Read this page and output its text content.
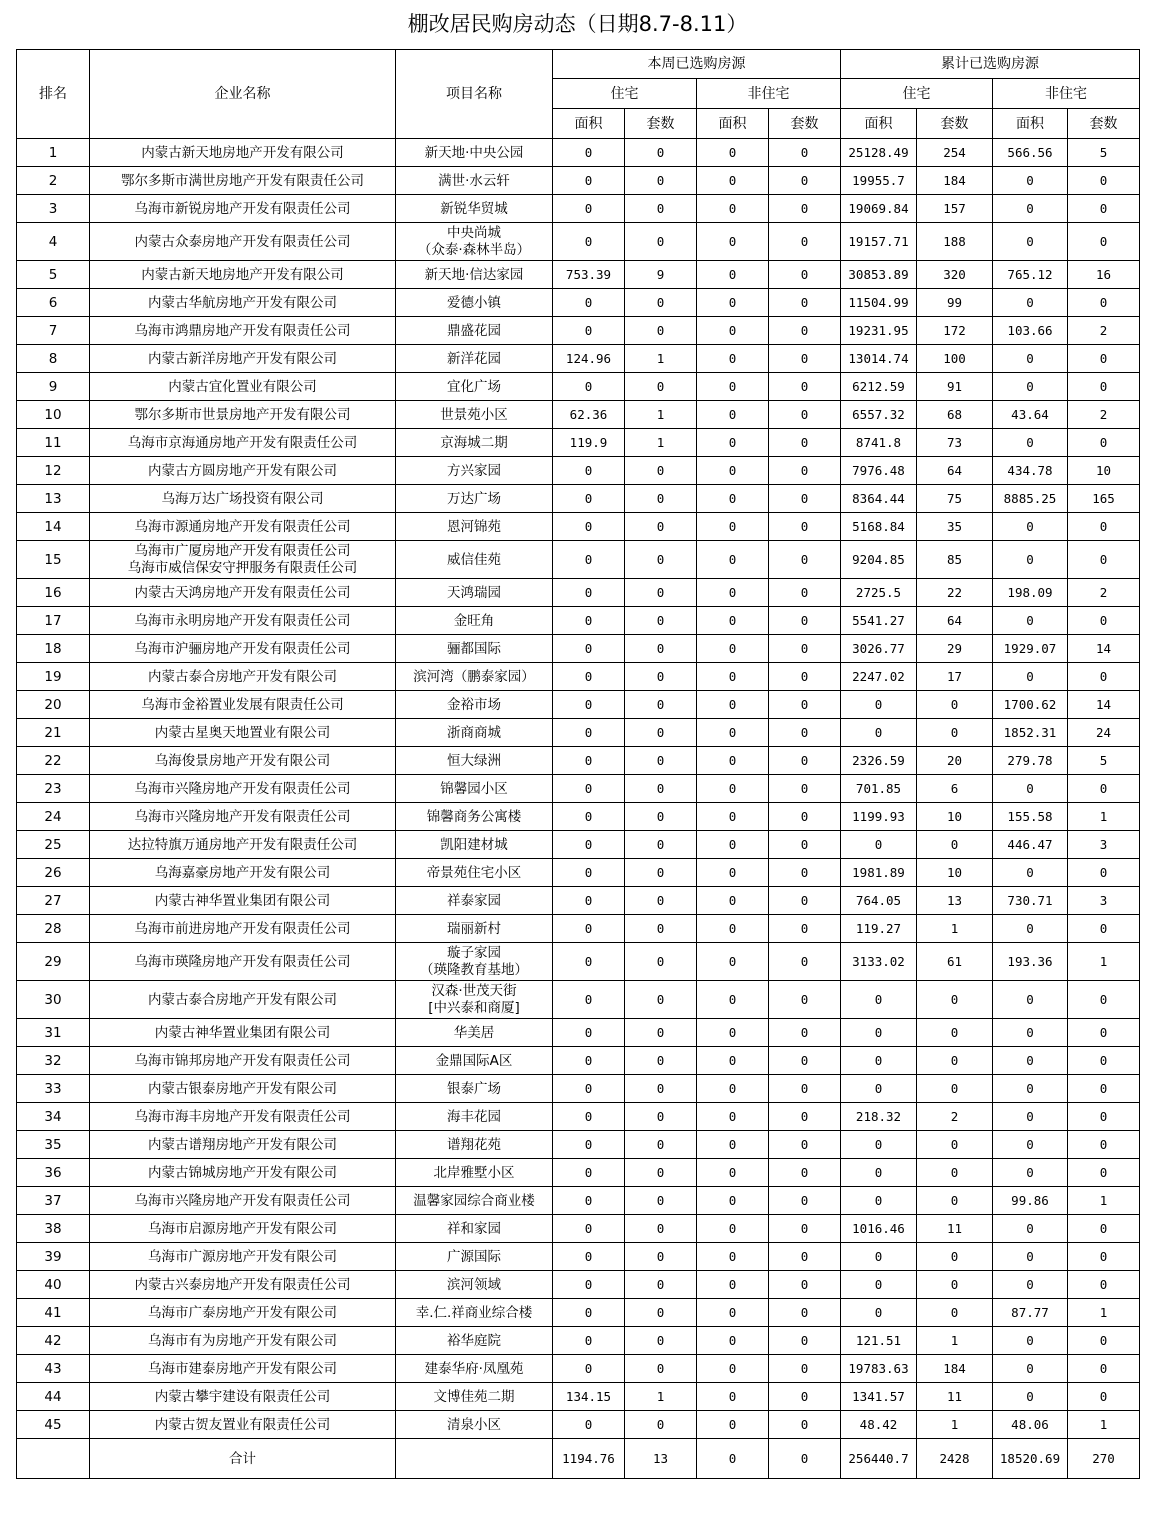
棚改居民购房动态（日期8.7-8.11）
排名	企业名称	项目名称	本周已选购房源				累计已选购房源			
			住宅		非住宅		住宅		非住宅	
			面积	套数	面积	套数	面积	套数	面积	套数
1	内蒙古新天地房地产开发有限公司	新天地·中央公园	0	0	0	0	25128.49	254	566.56	5
2	鄂尔多斯市满世房地产开发有限责任公司	满世·水云轩	0	0	0	0	19955.7	184	0	0
3	乌海市新锐房地产开发有限责任公司	新锐华贸城	0	0	0	0	19069.84	157	0	0
4	内蒙古众泰房地产开发有限责任公司	中央尚城
（众泰·森林半岛）	0	0	0	0	19157.71	188	0	0
5	内蒙古新天地房地产开发有限公司	新天地·信达家园	753.39	9	0	0	30853.89	320	765.12	16
6	内蒙古华航房地产开发有限公司	爱德小镇	0	0	0	0	11504.99	99	0	0
7	乌海市鸿鼎房地产开发有限责任公司	鼎盛花园	0	0	0	0	19231.95	172	103.66	2
8	内蒙古新洋房地产开发有限公司	新洋花园	124.96	1	0	0	13014.74	100	0	0
9	内蒙古宜化置业有限公司	宜化广场	0	0	0	0	6212.59	91	0	0
10	鄂尔多斯市世景房地产开发有限公司	世景苑小区	62.36	1	0	0	6557.32	68	43.64	2
11	乌海市京海通房地产开发有限责任公司	京海城二期	119.9	1	0	0	8741.8	73	0	0
12	内蒙古方圆房地产开发有限公司	方兴家园	0	0	0	0	7976.48	64	434.78	10
13	乌海万达广场投资有限公司	万达广场	0	0	0	0	8364.44	75	8885.25	165
14	乌海市源通房地产开发有限责任公司	恩河锦苑	0	0	0	0	5168.84	35	0	0
15	乌海市广厦房地产开发有限责任公司
乌海市威信保安守押服务有限责任公司	威信佳苑	0	0	0	0	9204.85	85	0	0
16	内蒙古天鸿房地产开发有限责任公司	天鸿瑞园	0	0	0	0	2725.5	22	198.09	2
17	乌海市永明房地产开发有限责任公司	金旺角	0	0	0	0	5541.27	64	0	0
18	乌海市沪骊房地产开发有限责任公司	骊都国际	0	0	0	0	3026.77	29	1929.07	14
19	内蒙古泰合房地产开发有限公司	滨河湾（鹏泰家园）	0	0	0	0	2247.02	17	0	0
20	乌海市金裕置业发展有限责任公司	金裕市场	0	0	0	0	0	0	1700.62	14
21	内蒙古星奥天地置业有限公司	浙商商城	0	0	0	0	0	0	1852.31	24
22	乌海俊景房地产开发有限公司	恒大绿洲	0	0	0	0	2326.59	20	279.78	5
23	乌海市兴隆房地产开发有限责任公司	锦馨园小区	0	0	0	0	701.85	6	0	0
24	乌海市兴隆房地产开发有限责任公司	锦馨商务公寓楼	0	0	0	0	1199.93	10	155.58	1
25	达拉特旗万通房地产开发有限责任公司	凯阳建材城	0	0	0	0	0	0	446.47	3
26	乌海嘉豪房地产开发有限公司	帝景苑住宅小区	0	0	0	0	1981.89	10	0	0
27	内蒙古神华置业集团有限公司	祥泰家园	0	0	0	0	764.05	13	730.71	3
28	乌海市前进房地产开发有限责任公司	瑞丽新村	0	0	0	0	119.27	1	0	0
29	乌海市瑛隆房地产开发有限责任公司	璇子家园
（瑛隆教育基地）	0	0	0	0	3133.02	61	193.36	1
30	内蒙古泰合房地产开发有限公司	汉森·世茂天街
[中兴泰和商厦]	0	0	0	0	0	0	0	0
31	内蒙古神华置业集团有限公司	华美居	0	0	0	0	0	0	0	0
32	乌海市锦邦房地产开发有限责任公司	金鼎国际A区	0	0	0	0	0	0	0	0
33	内蒙古银泰房地产开发有限公司	银泰广场	0	0	0	0	0	0	0	0
34	乌海市海丰房地产开发有限责任公司	海丰花园	0	0	0	0	218.32	2	0	0
35	内蒙古谱翔房地产开发有限公司	谱翔花苑	0	0	0	0	0	0	0	0
36	内蒙古锦城房地产开发有限公司	北岸雅墅小区	0	0	0	0	0	0	0	0
37	乌海市兴隆房地产开发有限责任公司	温馨家园综合商业楼	0	0	0	0	0	0	99.86	1
38	乌海市启源房地产开发有限公司	祥和家园	0	0	0	0	1016.46	11	0	0
39	乌海市广源房地产开发有限公司	广源国际	0	0	0	0	0	0	0	0
40	内蒙古兴泰房地产开发有限责任公司	滨河领域	0	0	0	0	0	0	0	0
41	乌海市广泰房地产开发有限公司	幸.仁.祥商业综合楼	0	0	0	0	0	0	87.77	1
42	乌海市有为房地产开发有限公司	裕华庭院	0	0	0	0	121.51	1	0	0
43	乌海市建泰房地产开发有限公司	建泰华府·凤凰苑	0	0	0	0	19783.63	184	0	0
44	内蒙古攀宇建设有限责任公司	文博佳苑二期	134.15	1	0	0	1341.57	11	0	0
45	内蒙古贺友置业有限责任公司	清泉小区	0	0	0	0	48.42	1	48.06	1
	合计		1194.76	13	0	0	256440.7	2428	18520.69	270
